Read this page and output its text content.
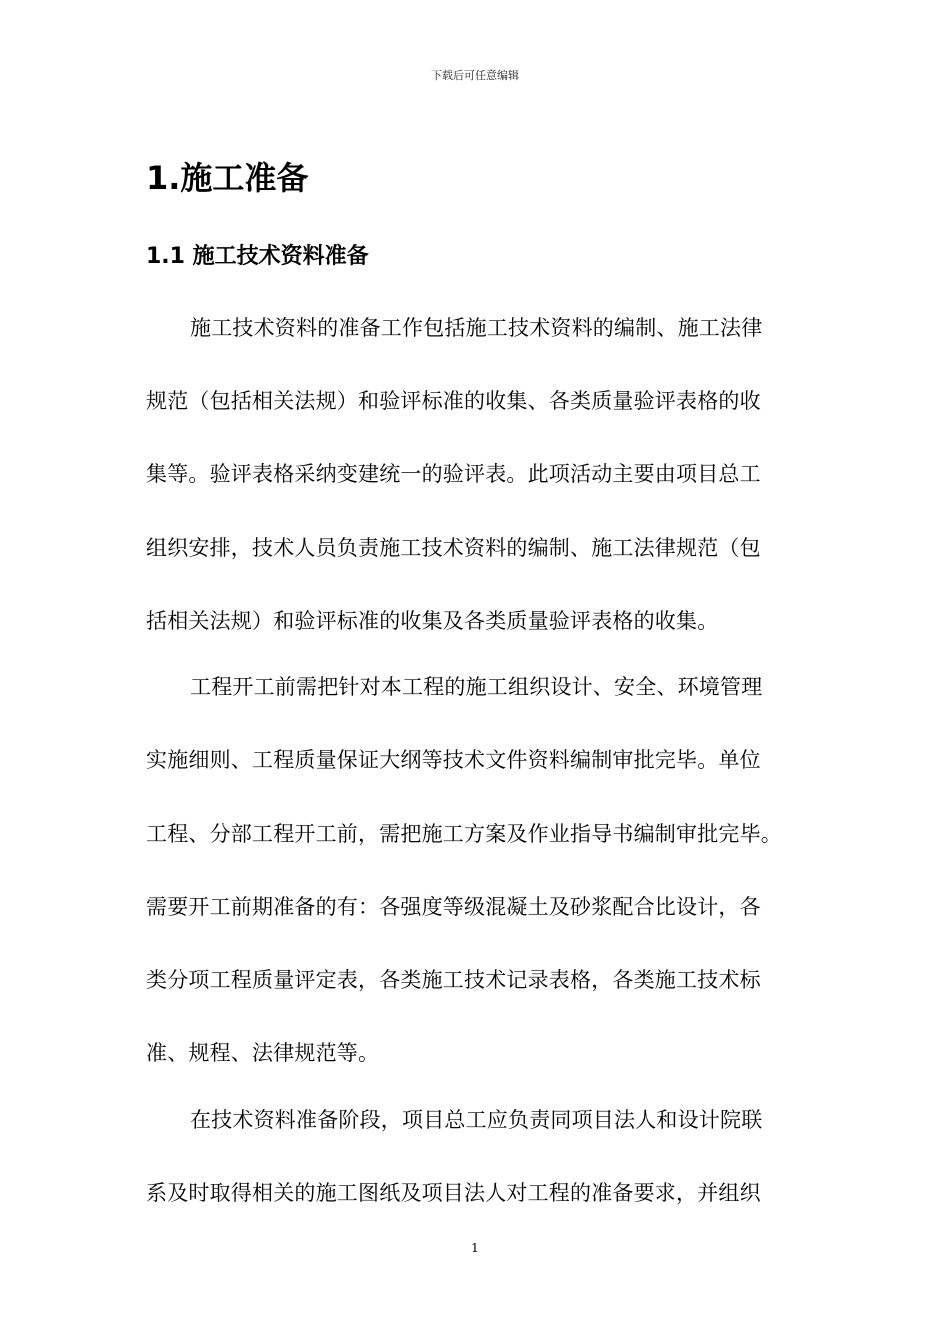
下载后可任意编辑
1.施工准备
1.1 施工技术资料准备
施工技术资料的准备工作包括施工技术资料的编制、施工法律
规范（包括相关法规）和验评标准的收集、各类质量验评表格的收
集等。验评表格采纳变建统一的验评表。此项活动主要由项目总工
组织安排，技术人员负责施工技术资料的编制、施工法律规范（包
括相关法规）和验评标准的收集及各类质量验评表格的收集。
工程开工前需把针对本工程的施工组织设计、安全、环境管理
实施细则、工程质量保证大纲等技术文件资料编制审批完毕。单位
工程、分部工程开工前，需把施工方案及作业指导书编制审批完毕。
需要开工前期准备的有：各强度等级混凝土及砂浆配合比设计，各
类分项工程质量评定表，各类施工技术记录表格，各类施工技术标
准、规程、法律规范等。
在技术资料准备阶段，项目总工应负责同项目法人和设计院联
系及时取得相关的施工图纸及项目法人对工程的准备要求，并组织
1
